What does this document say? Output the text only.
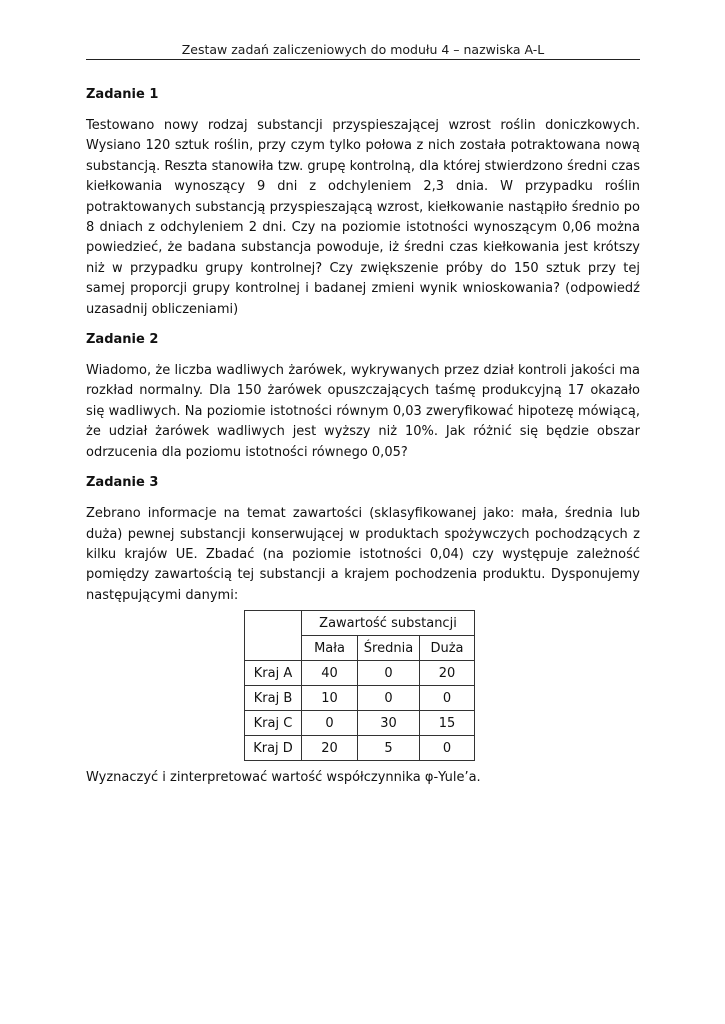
Zestaw zadań zaliczeniowych do modułu 4 – nazwiska A-L
Zadanie 1

Testowano nowy rodzaj substancji przyspieszającej wzrost roślin doniczkowych. Wysiano 120 sztuk roślin, przy czym tylko połowa z nich została potraktowana nową substancją. Reszta stanowiła tzw. grupę kontrolną, dla której stwierdzono średni czas kiełkowania wynoszący 9 dni z odchyleniem 2,3 dnia. W przypadku roślin potraktowanych substancją przyspieszającą wzrost, kiełkowanie nastąpiło średnio po 8 dniach z odchyleniem 2 dni. Czy na poziomie istotności wynoszącym 0,06 można powiedzieć, że badana substancja powoduje, iż średni czas kiełkowania jest krótszy niż w przypadku grupy kontrolnej? Czy zwiększenie próby do 150 sztuk przy tej samej proporcji grupy kontrolnej i badanej zmieni wynik wnioskowania? (odpowiedź uzasadnij obliczeniami)

Zadanie 2

Wiadomo, że liczba wadliwych żarówek, wykrywanych przez dział kontroli jakości ma rozkład normalny. Dla 150 żarówek opuszczających taśmę produkcyjną 17 okazało się wadliwych. Na poziomie istotności równym 0,03 zweryfikować hipotezę mówiącą, że udział żarówek wadliwych jest wyższy niż 10%. Jak różnić się będzie obszar odrzucenia dla poziomu istotności równego 0,05?

Zadanie 3

Zebrano informacje na temat zawartości (sklasyfikowanej jako: mała, średnia lub duża) pewnej substancji konserwującej w produktach spożywczych pochodzących z kilku krajów UE. Zbadać (na poziomie istotności 0,04) czy występuje zależność pomiędzy zawartością tej substancji a krajem pochodzenia produktu. Dysponujemy następującymi danymi:

	Zawartość substancji		
	Mała	Średnia	Duża
Kraj A	40	0	20
Kraj B	10	0	0
Kraj C	0	30	15
Kraj D	20	5	0

Wyznaczyć i zinterpretować wartość współczynnika φ-Yule’a.
